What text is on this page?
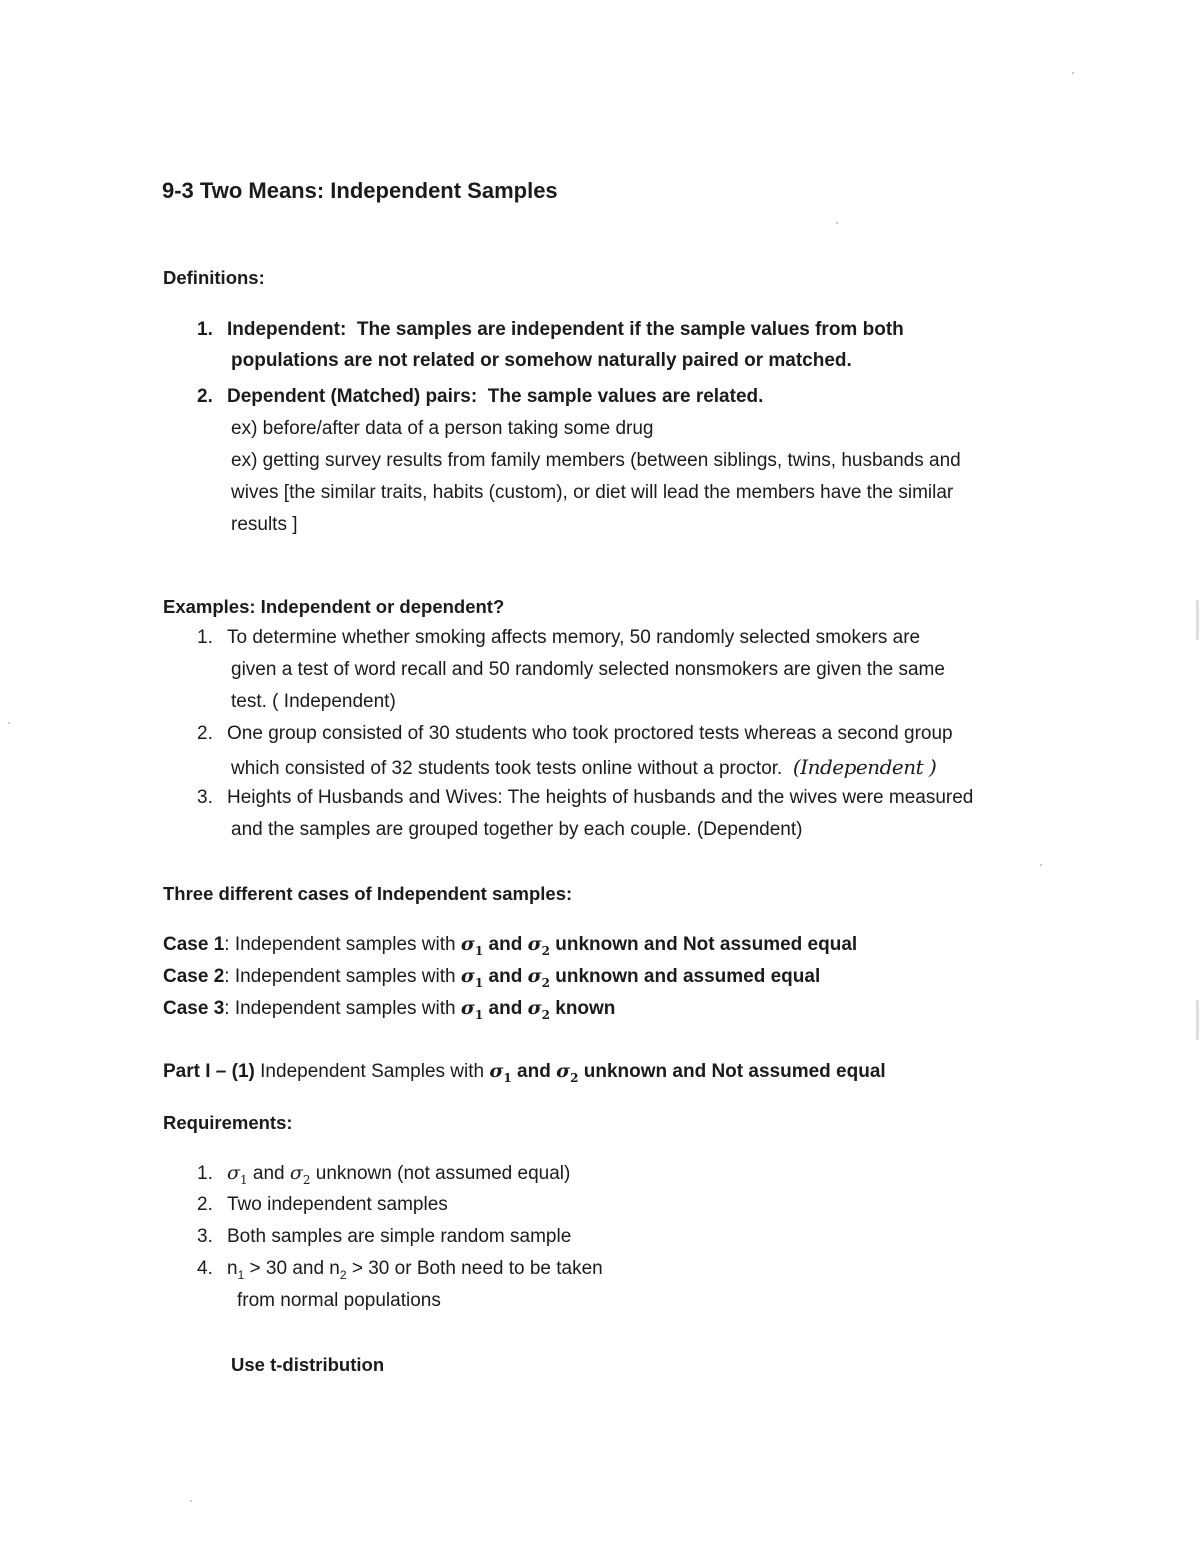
9-3 Two Means: Independent Samples
Definitions:
1. Independent: The samples are independent if the sample values from both
populations are not related or somehow naturally paired or matched.
2. Dependent (Matched) pairs: The sample values are related.
ex) before/after data of a person taking some drug
ex) getting survey results from family members (between siblings, twins, husbands and
wives [the similar traits, habits (custom), or diet will lead the members have the similar
results ]
Examples: Independent or dependent?
1. To determine whether smoking affects memory, 50 randomly selected smokers are
given a test of word recall and 50 randomly selected nonsmokers are given the same
test. ( Independent)
2. One group consisted of 30 students who took proctored tests whereas a second group
which consisted of 32 students took tests online without a proctor. (Independent )
3. Heights of Husbands and Wives: The heights of husbands and the wives were measured
and the samples are grouped together by each couple. (Dependent)
Three different cases of Independent samples:
Case 1: Independent samples with $\sigma_1$ and $\sigma_2$ unknown and Not assumed equal
Case 2: Independent samples with $\sigma_1$ and $\sigma_2$ unknown and assumed equal
Case 3: Independent samples with $\sigma_1$ and $\sigma_2$ known
Part I – (1) Independent Samples with $\sigma_1$ and $\sigma_2$ unknown and Not assumed equal
Requirements:
1. $\sigma_1$ and $\sigma_2$ unknown (not assumed equal)
2. Two independent samples
3. Both samples are simple random sample
4. $n_1 > 30$ and $n_2 > 30$ or Both need to be taken
from normal populations
Use t-distribution
